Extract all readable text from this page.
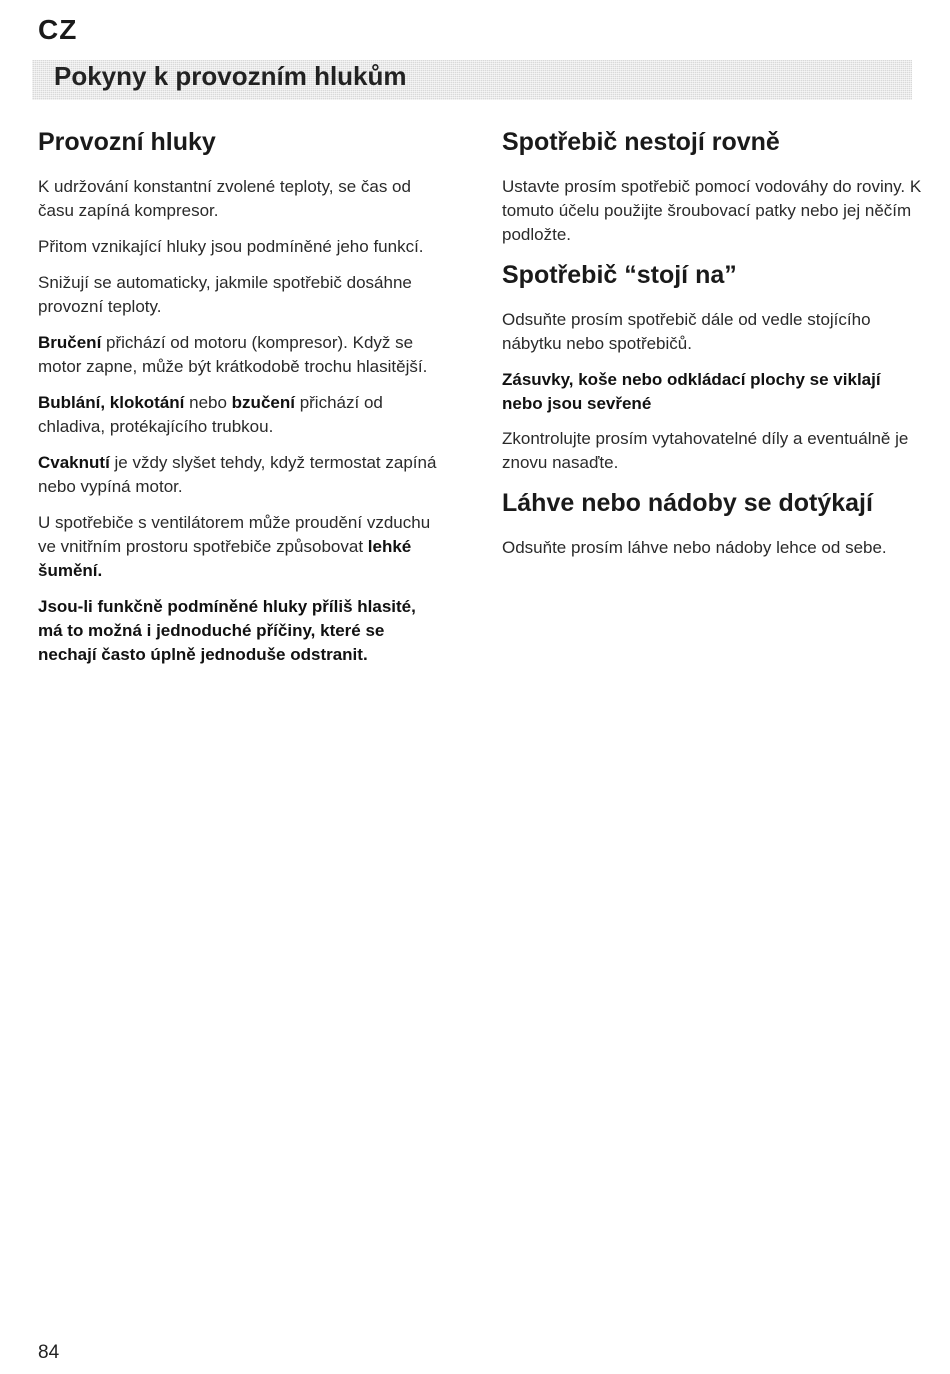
CZ
Pokyny k provozním hlukům
Provozní hluky

K udržování konstantní zvolené teploty, se čas od času zapíná kompresor.

Přitom vznikající hluky jsou podmíněné jeho funkcí.

Snižují se automaticky, jakmile spotřebič dosáhne provozní teploty.

Bručení přichází od motoru (kompresor). Když se motor zapne, může být krátkodobě trochu hlasitější.

Bublání, klokotání nebo bzučení přichází od chladiva, protékajícího trubkou.

Cvaknutí je vždy slyšet tehdy, když termostat zapíná nebo vypíná motor.

U spotřebiče s ventilátorem může proudění vzduchu ve vnitřním prostoru spotřebiče způsobovat lehké šumění.

Jsou-li funkčně podmíněné hluky příliš hlasité, má to možná i jednoduché příčiny, které se nechají často úplně jednoduše odstranit.

Spotřebič nestojí rovně

Ustavte prosím spotřebič pomocí vodováhy do roviny. K tomuto účelu použijte šroubovací patky nebo jej něčím podložte.

Spotřebič “stojí na”

Odsuňte prosím spotřebič dále od vedle stojícího nábytku nebo spotřebičů.

Zásuvky, koše nebo odkládací plochy se viklají nebo jsou sevřené

Zkontrolujte prosím vytahovatelné díly a eventuálně je znovu nasaďte.

Láhve nebo nádoby se dotýkají

Odsuňte prosím láhve nebo nádoby lehce od sebe.

84
